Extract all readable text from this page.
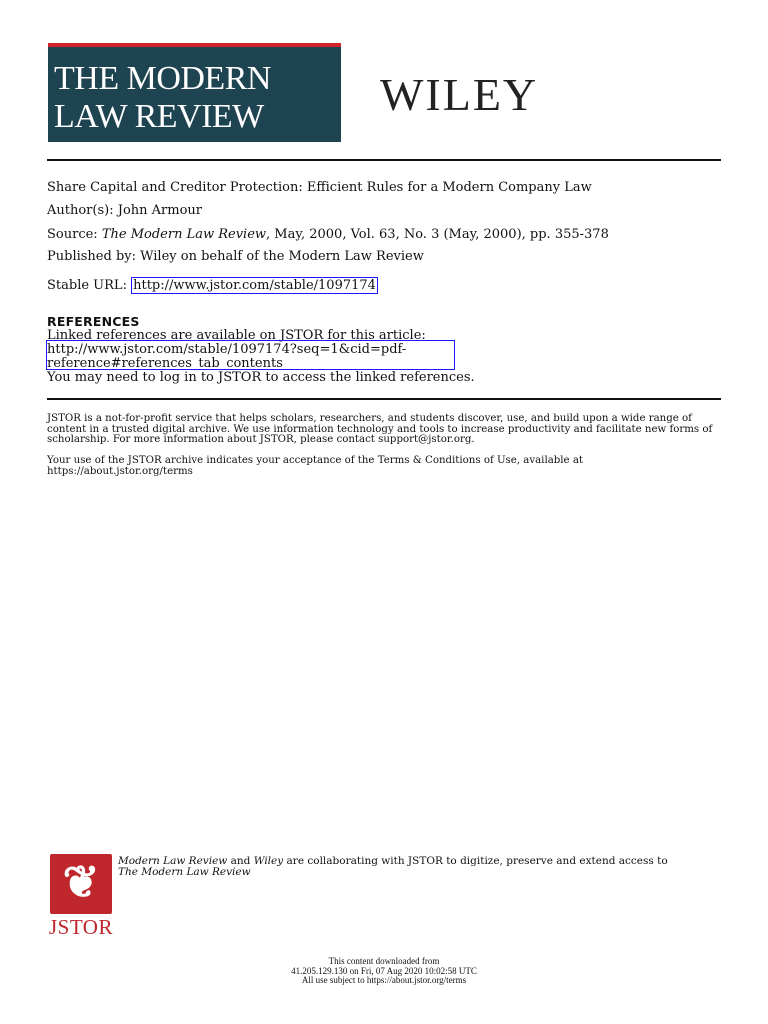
THE MODERN
LAW REVIEW	WILEY
Share Capital and Creditor Protection: Efficient Rules for a Modern Company Law
Author(s): John Armour
Source: The Modern Law Review, May, 2000, Vol. 63, No. 3 (May, 2000), pp. 355-378
Published by: Wiley on behalf of the Modern Law Review
Stable URL: http://www.jstor.com/stable/1097174
REFERENCES
Linked references are available on JSTOR for this article:
http://www.jstor.com/stable/1097174?seq=1&cid=pdf-
reference#references_tab_contents
You may need to log in to JSTOR to access the linked references.
JSTOR is a not-for-profit service that helps scholars, researchers, and students discover, use, and build upon a wide range of content in a trusted digital archive. We use information technology and tools to increase productivity and facilitate new forms of scholarship. For more information about JSTOR, please contact support@jstor.org.
Your use of the JSTOR archive indicates your acceptance of the Terms & Conditions of Use, available at https://about.jstor.org/terms
❦
JSTOR
Modern Law Review and Wiley are collaborating with JSTOR to digitize, preserve and extend access to The Modern Law Review
This content downloaded from
41.205.129.130 on Fri, 07 Aug 2020 10:02:58 UTC
All use subject to https://about.jstor.org/terms
